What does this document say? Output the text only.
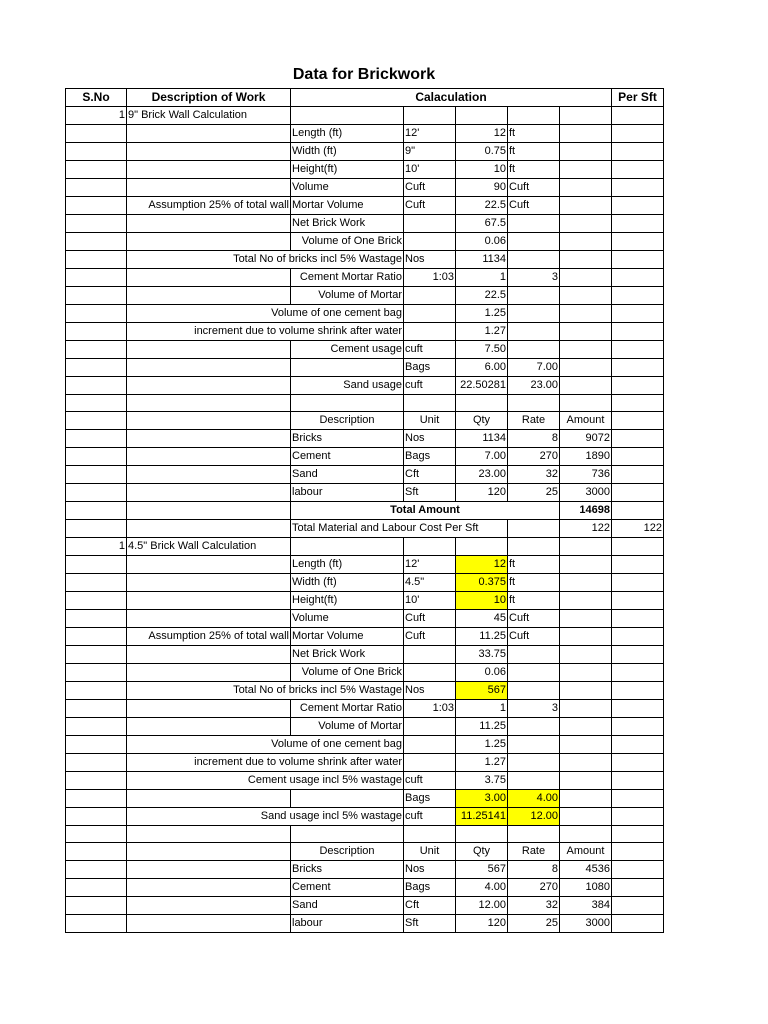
Data for Brickwork
S.No	Description of Work	Calaculation					Per Sft
1	9" Brick Wall Calculation						

		Length (ft)	12'	12	ft		
		Width (ft)	9"	0.75	ft		
		Height(ft)	10'	10	ft		
		Volume	Cuft	90	Cuft		
	Assumption 25% of total wall	Mortar Volume	Cuft	22.5	Cuft		
		Net Brick Work		67.5			
		Volume of One Brick		0.06			
	Total No of bricks incl 5% Wastage		Nos	1134			
		Cement Mortar Ratio	1:03	1	3		
		Volume of Mortar		22.5			
	Volume of one cement bag			1.25			
	increment due to volume shrink after water			1.27			
		Cement usage	cuft	7.50			
			Bags	6.00	7.00		
		Sand usage	cuft	22.50281	23.00		

		Description	Unit	Qty	Rate	Amount	
		Bricks	Nos	1134	8	9072	
		Cement	Bags	7.00	270	1890	
		Sand	Cft	23.00	32	736	
		labour	Sft	120	25	3000	
		Total Amount				14698	
		Total Material and Labour Cost Per Sft				122	122
1	4.5" Brick Wall Calculation						

		Length (ft)	12'	12	ft		
		Width (ft)	4.5"	0.375	ft		
		Height(ft)	10'	10	ft		
		Volume	Cuft	45	Cuft		
	Assumption 25% of total wall	Mortar Volume	Cuft	11.25	Cuft		
		Net Brick Work		33.75			
		Volume of One Brick		0.06			
	Total No of bricks incl 5% Wastage		Nos	567			
		Cement Mortar Ratio	1:03	1	3		
		Volume of Mortar		11.25			
	Volume of one cement bag			1.25			
	increment due to volume shrink after water			1.27			
	Cement usage incl 5% wastage		cuft	3.75			
			Bags	3.00	4.00		
	Sand usage incl 5% wastage		cuft	11.25141	12.00		

		Description	Unit	Qty	Rate	Amount	
		Bricks	Nos	567	8	4536	
		Cement	Bags	4.00	270	1080	
		Sand	Cft	12.00	32	384	
		labour	Sft	120	25	3000	
